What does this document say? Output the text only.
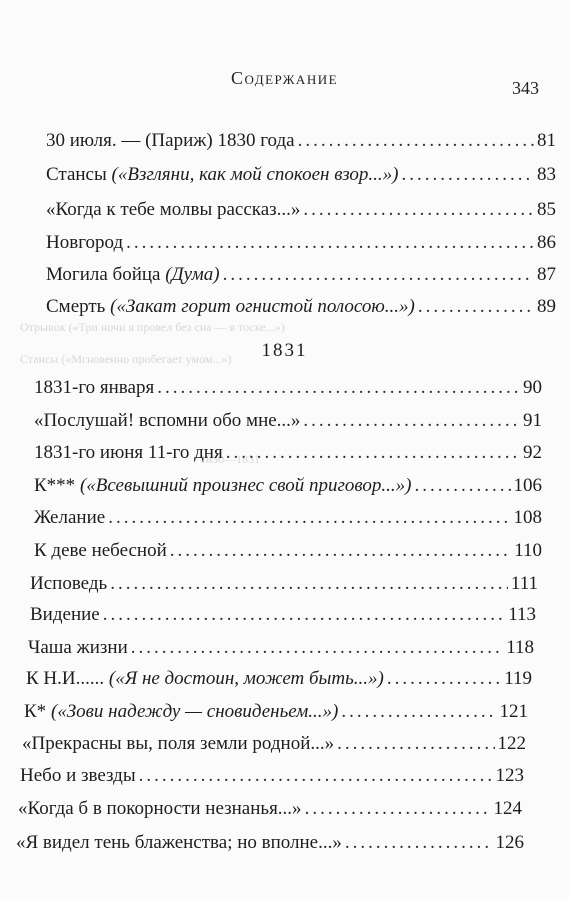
Содержание	343
Отрывок («Три ночи я провел без сна — в тоске...»)
Стансы («Мгновенно пробегает умом...»)
1830—1831
30 июля. — (Париж) 1830 года .....	81
Стансы («Взгляни, как мой спокоен взор...») .....	83
«Когда к тебе молвы рассказ...» .....	85
Новгород .....	86
Могила бойца (Дума) .....	87
Смерть («Закат горит огнистой полосою...») .....	89
1831
1831-го января .....	90
«Послушай! вспомни обо мне...» .....	91
1831-го июня 11-го дня .....	92
К*** («Всевышний произнес свой приговор...») .....	106
Желание .....	108
К деве небесной .....	110
Исповедь .....	111
Видение .....	113
Чаша жизни .....	118
К Н.И...... («Я не достоин, может быть...») .....	119
К* («Зови надежду — сновиденьем...») .....	121
«Прекрасны вы, поля земли родной...» .....	122
Небо и звезды .....	123
«Когда б в покорности незнанья...» .....	124
«Я видел тень блаженства; но вполне...» .....	126
